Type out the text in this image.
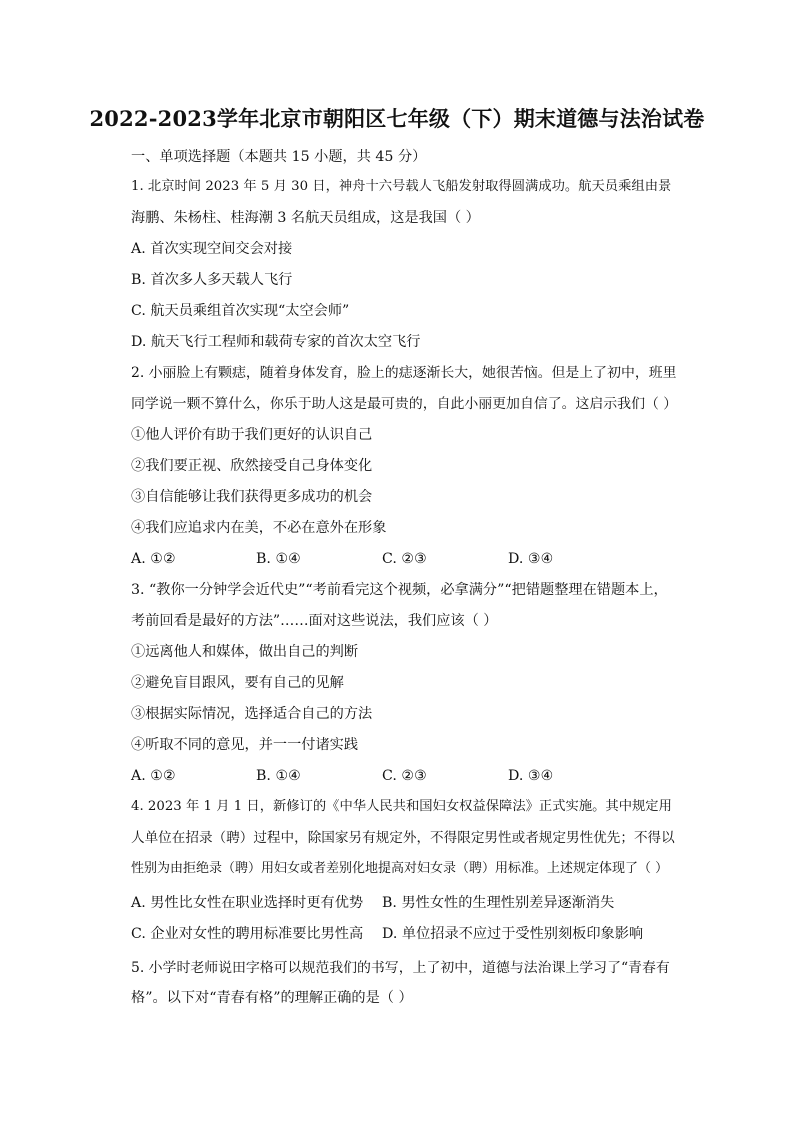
2022-2023学年北京市朝阳区七年级（下）期末道德与法治试卷
一、单项选择题（本题共 15 小题，共 45 分）
1. 北京时间 2023 年 5 月 30 日，神舟十六号载人飞船发射取得圆满成功。航天员乘组由景
海鹏、朱杨柱、桂海潮 3 名航天员组成，这是我国（ ）
A. 首次实现空间交会对接
B. 首次多人多天载人飞行
C. 航天员乘组首次实现“太空会师”
D. 航天飞行工程师和载荷专家的首次太空飞行
2. 小丽脸上有颗痣，随着身体发育，脸上的痣逐渐长大，她很苦恼。但是上了初中，班里
同学说一颗不算什么，你乐于助人这是最可贵的，自此小丽更加自信了。这启示我们（ ）
①他人评价有助于我们更好的认识自己
②我们要正视、欣然接受自己身体变化
③自信能够让我们获得更多成功的机会
④我们应追求内在美，不必在意外在形象
A. ①②	B. ①④	C. ②③	D. ③④
3. “教你一分钟学会近代史”“考前看完这个视频，必拿满分”“把错题整理在错题本上，
考前回看是最好的方法”……面对这些说法，我们应该（ ）
①远离他人和媒体，做出自己的判断
②避免盲目跟风，要有自己的见解
③根据实际情况，选择适合自己的方法
④听取不同的意见，并一一付诸实践
A. ①②	B. ①④	C. ②③	D. ③④
4. 2023 年 1 月 1 日，新修订的《中华人民共和国妇女权益保障法》正式实施。其中规定用
人单位在招录（聘）过程中，除国家另有规定外，不得限定男性或者规定男性优先；不得以
性别为由拒绝录（聘）用妇女或者差别化地提高对妇女录（聘）用标准。上述规定体现了（ ）
A. 男性比女性在职业选择时更有优势 B. 男性女性的生理性别差异逐渐消失
C. 企业对女性的聘用标准要比男性高 D. 单位招录不应过于受性别刻板印象影响
5. 小学时老师说田字格可以规范我们的书写，上了初中，道德与法治课上学习了“青春有
格”。以下对“青春有格”的理解正确的是（ ）
